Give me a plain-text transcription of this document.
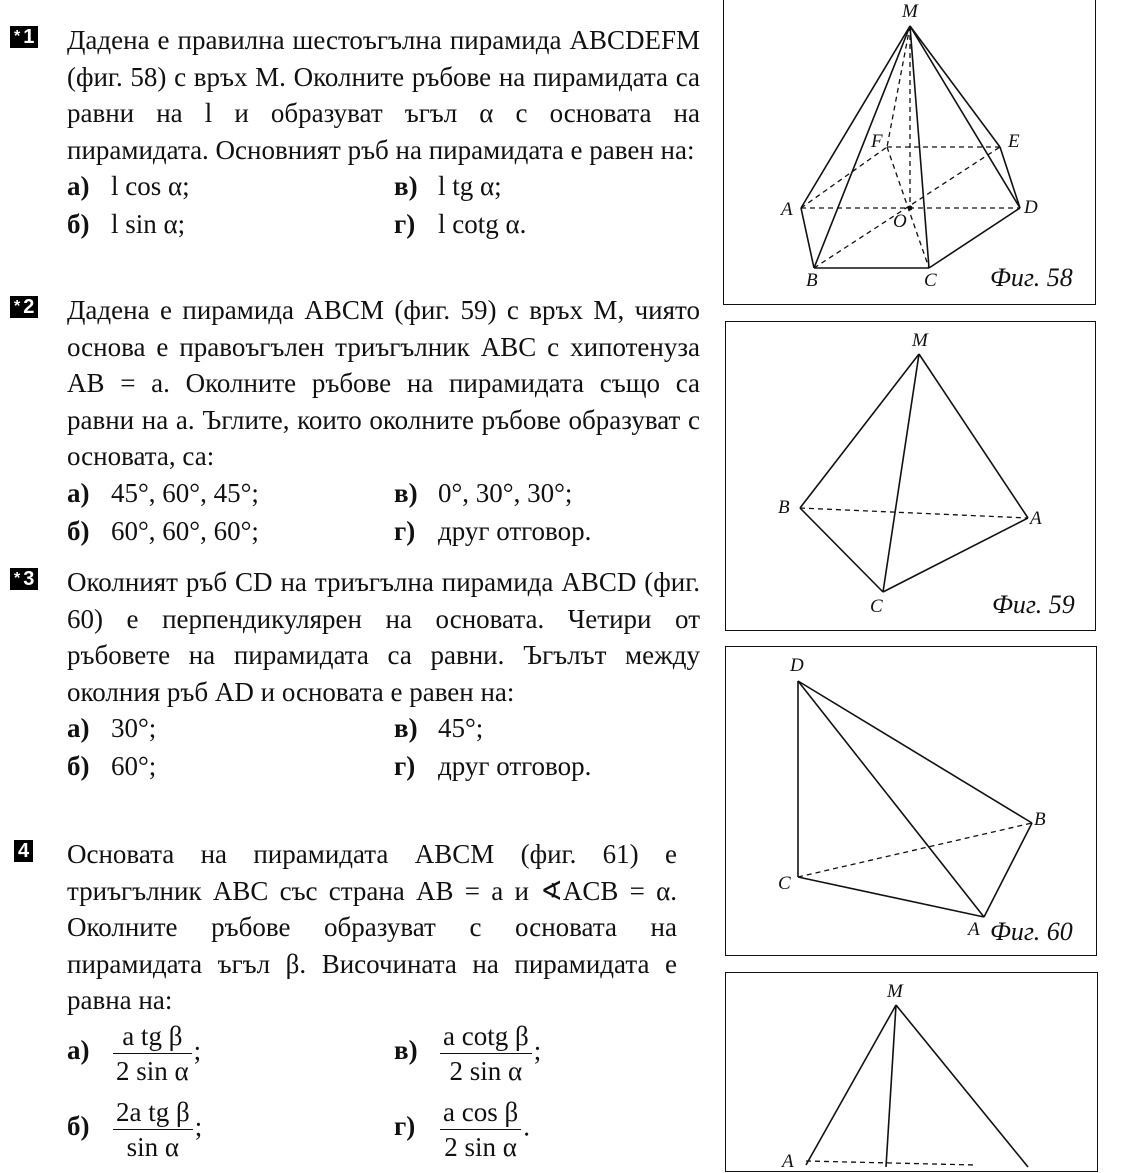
* 1 Дадена е правилна шестоъгълна пирамида ABCDEFM (фиг. 58) с връх M. Околните ръбове на пирамидата са равни на l и образуват ъгъл α с основата на пирамидата. Основният ръб на пирамидата е равен на:
а) l cos α;	в) l tg α;
б) l sin α;	г) l cotg α.
* 2 Дадена е пирамида ABCM (фиг. 59) с връх M, чиято основа е правоъгълен триъгълник ABC с хипотенуза AB = a. Околните ръбове на пирамидата също са равни на a. Ъглите, които околните ръбове образуват с основата, са:
а) 45°, 60°, 45°;	в) 0°, 30°, 30°;
б) 60°, 60°, 60°;	г) друг отговор.
* 3 Околният ръб CD на триъгълна пирамида ABCD (фиг. 60) е перпендикулярен на основата. Четири от ръбовете на пирамидата са равни. Ъгълът между околния ръб AD и основата е равен на:
а) 30°;	в) 45°;
б) 60°;	г) друг отговор.
4 Основата на пирамидата ABCM (фиг. 61) е триъгълник ABC със страна AB = a и ∢ACB = α. Околните ръбове образуват с основата на пирамидата ъгъл β. Височината на пирамидата е равна на:
$а) \frac{\text{a tg β}}{\text{2 sin α}}$ ;	$в) \frac{\text{a cotg β}}{\text{2 sin α}}$ ;
$б) \frac{\text{2a tg β}}{\text{sin α}}$ ;	$г) \frac{\text{a cos β}}{\text{2 sin α}}$ .
M
F	E
A
O
D
B	C Фиг. 58
M
B
A
C	Фиг. 59
D
B
C
A Фиг. 60
M
A
